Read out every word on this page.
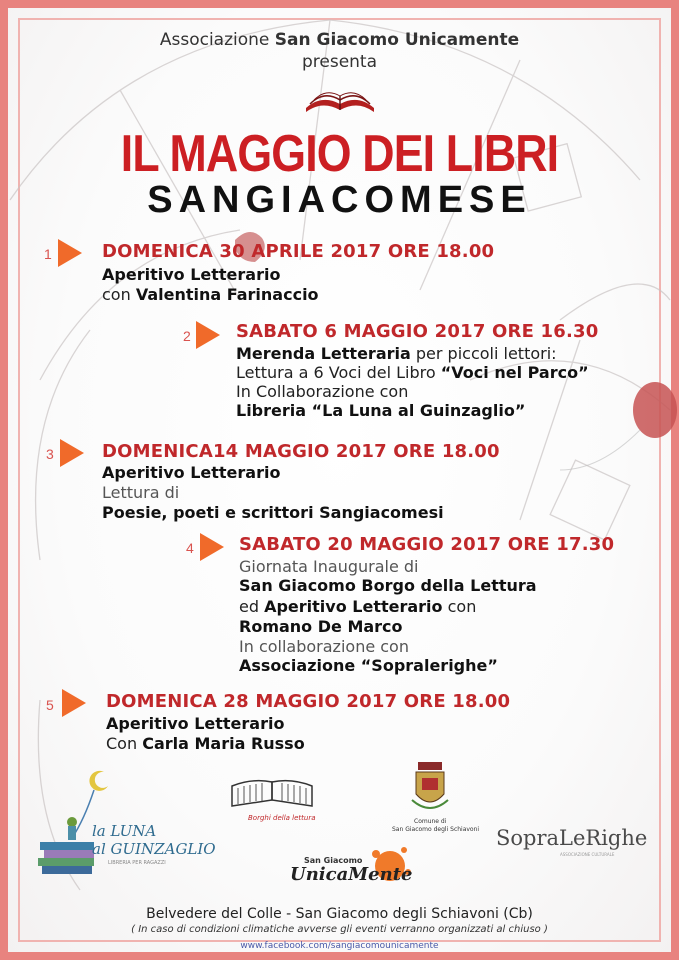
Associazione San Giacomo Unicamente
presenta
IL MAGGIO DEI LIBRI
SANGIACOMESE
1	DOMENICA 30 APRILE 2017 ORE 18.00
Aperitivo Letterario
con Valentina Farinaccio
2	SABATO 6 MAGGIO 2017 ORE 16.30
Merenda Letteraria per piccoli lettori:
Lettura a 6 Voci del Libro “Voci nel Parco”
In Collaborazione con
Libreria “La Luna al Guinzaglio”
3	DOMENICA14 MAGGIO 2017 ORE 18.00
Aperitivo Letterario
Lettura di
Poesie, poeti e scrittori Sangiacomesi
4	SABATO 20 MAGGIO 2017 ORE 17.30
Giornata Inaugurale di
San Giacomo Borgo della Lettura
ed Aperitivo Letterario con
Romano De Marco
In collaborazione con
Associazione “Sopralerighe”
5	DOMENICA 28 MAGGIO 2017 ORE 18.00
Aperitivo Letterario
Con Carla Maria Russo
la LUNA
al GUINZAGLIO
LIBRERIA PER RAGAZZI
Borghi della lettura	Comune di
San Giacomo degli Schiavoni SopraLeRighe
ASSOCIAZIONE CULTURALE
San Giacomo
UnicaMente
Belvedere del Colle - San Giacomo degli Schiavoni (Cb)
( In caso di condizioni climatiche avverse gli eventi verranno organizzati al chiuso )
www.facebook.com/sangiacomounicamente
